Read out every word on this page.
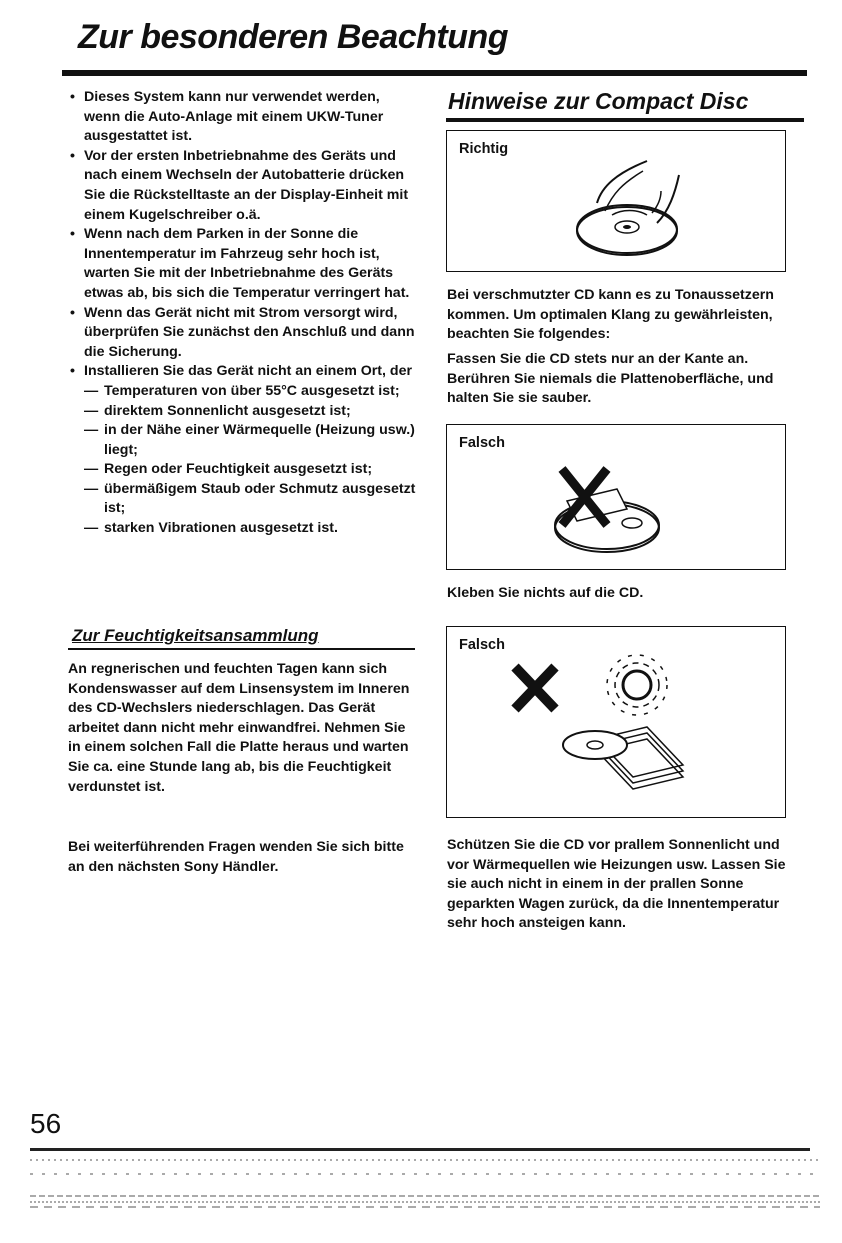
Zur besonderen Beachtung
• Dieses System kann nur verwendet werden, wenn die Auto-Anlage mit einem UKW-Tuner ausgestattet ist.
• Vor der ersten Inbetriebnahme des Geräts und nach einem Wechseln der Autobatterie drücken Sie die Rückstelltaste an der Display-Einheit mit einem Kugelschreiber o.ä.
• Wenn nach dem Parken in der Sonne die Innentemperatur im Fahrzeug sehr hoch ist, warten Sie mit der Inbetriebnahme des Geräts etwas ab, bis sich die Temperatur verringert hat.
• Wenn das Gerät nicht mit Strom versorgt wird, überprüfen Sie zunächst den Anschluß und dann die Sicherung.
• Installieren Sie das Gerät nicht an einem Ort, der
— Temperaturen von über 55°C ausgesetzt ist;
— direktem Sonnenlicht ausgesetzt ist;
— in der Nähe einer Wärmequelle (Heizung usw.) liegt;
— Regen oder Feuchtigkeit ausgesetzt ist;
— übermäßigem Staub oder Schmutz ausgesetzt ist;
— starken Vibrationen ausgesetzt ist.
Zur Feuchtigkeitsansammlung

An regnerischen und feuchten Tagen kann sich Kondenswasser auf dem Linsensystem im Inneren des CD-Wechslers niederschlagen. Das Gerät arbeitet dann nicht mehr einwandfrei. Nehmen Sie in einem solchen Fall die Platte heraus und warten Sie ca. eine Stunde lang ab, bis die Feuchtigkeit verdunstet ist.

Bei weiterführenden Fragen wenden Sie sich bitte an den nächsten Sony Händler.

Hinweise zur Compact Disc
Richtig

Bei verschmutzter CD kann es zu Tonaussetzern kommen. Um optimalen Klang zu gewährleisten, beachten Sie folgendes:

Fassen Sie die CD stets nur an der Kante an. Berühren Sie niemals die Plattenoberfläche, und halten Sie sie sauber.

Falsch

Kleben Sie nichts auf die CD.

Falsch

Schützen Sie die CD vor prallem Sonnenlicht und vor Wärmequellen wie Heizungen usw. Lassen Sie sie auch nicht in einem in der prallen Sonne geparkten Wagen zurück, da die Innentemperatur sehr hoch ansteigen kann.

56
